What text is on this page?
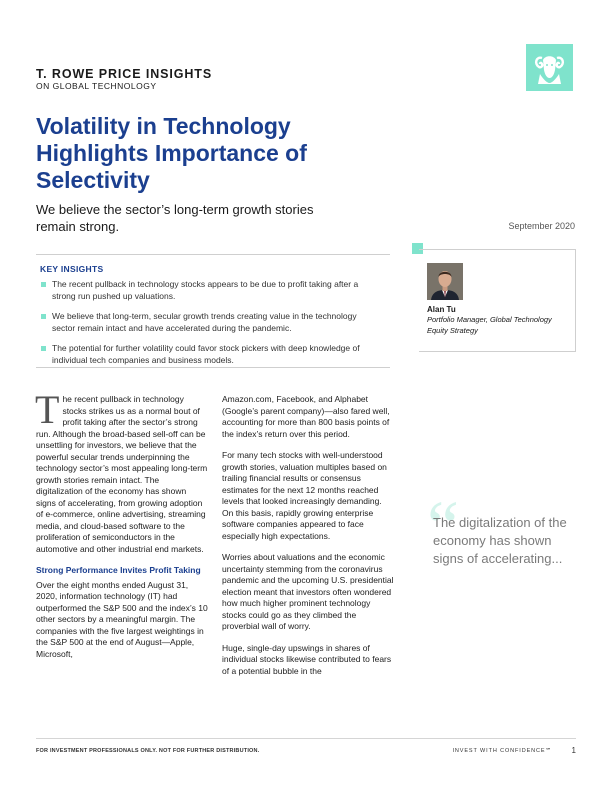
T. ROWE PRICE INSIGHTS
ON GLOBAL TECHNOLOGY
Volatility in Technology Highlights Importance of Selectivity
We believe the sector’s long-term growth stories remain strong.	September 2020
KEY INSIGHTS
The recent pullback in technology stocks appears to be due to profit taking after a strong run pushed up valuations.
We believe that long-term, secular growth trends creating value in the technology sector remain intact and have accelerated during the pandemic.
The potential for further volatility could favor stock pickers with deep knowledge of individual tech companies and business models.
Alan Tu
Portfolio Manager, Global Technology Equity Strategy

T he recent pullback in technology stocks strikes us as a normal bout of profit taking after the sector’s strong run. Although the broad-based sell-off can be unsettling for investors, we believe that the powerful secular trends underpinning the technology sector’s most appealing long-term growth stories remain intact. The digitalization of the economy has shown signs of accelerating, from growing adoption of e-commerce, online advertising, streaming media, and cloud-based software to the proliferation of semiconductors in the automotive and other industrial end markets.

Strong Performance Invites Profit Taking

Over the eight months ended August 31, 2020, information technology (IT) had outperformed the S&P 500 and the index’s 10 other sectors by a meaningful margin. The companies with the five largest weightings in the S&P 500 at the end of August—Apple, Microsoft,

Amazon.com, Facebook, and Alphabet (Google’s parent company)—also fared well, accounting for more than 800 basis points of the index’s return over this period.

For many tech stocks with well-understood growth stories, valuation multiples based on trailing financial results or consensus estimates for the next 12 months reached levels that looked increasingly demanding. On this basis, rapidly growing enterprise software companies appeared to face especially high expectations.

Worries about valuations and the economic uncertainty stemming from the coronavirus pandemic and the upcoming U.S. presidential election meant that investors often wondered how much higher prominent technology stocks could go as they climbed the proverbial wall of worry.

Huge, single-day upswings in shares of individual stocks likewise contributed to fears of a potential bubble in the

“
The digitalization of the economy has shown signs of accelerating...
FOR INVESTMENT PROFESSIONALS ONLY. NOT FOR FURTHER DISTRIBUTION.	INVEST WITH CONFIDENCE℠	1
